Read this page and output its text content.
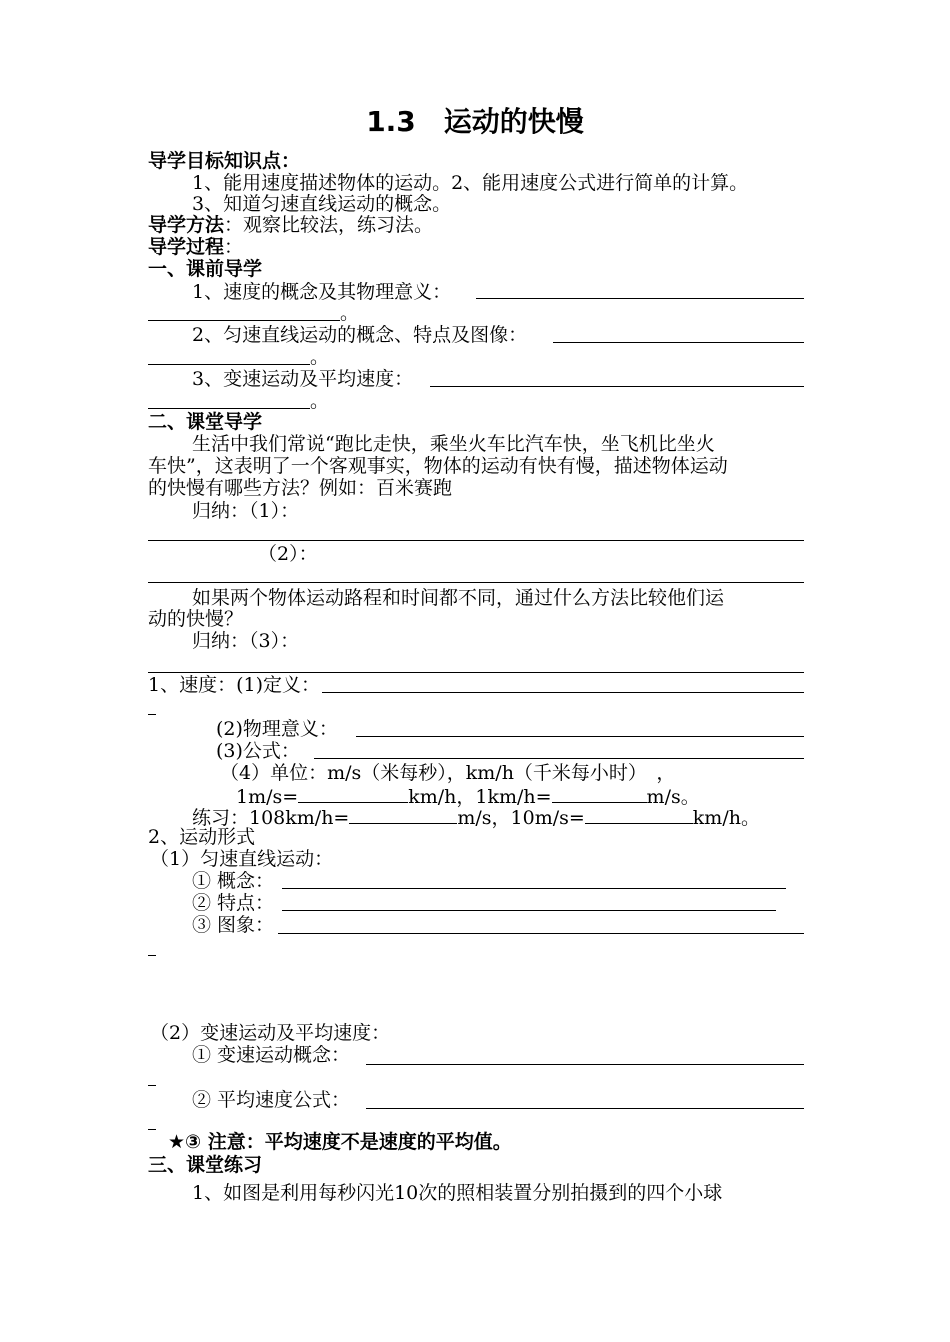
1.3　运动的快慢
导学目标知识点：
1、能用速度描述物体的运动。2、能用速度公式进行简单的计算。
3、知道匀速直线运动的概念。
导学方法：观察比较法，练习法。
导学过程：
一、课前导学
1、速度的概念及其物理意义：
。
2、匀速直线运动的概念、特点及图像：
。
3、变速运动及平均速度：
。
二、课堂导学
生活中我们常说“跑比走快，乘坐火车比汽车快，坐飞机比坐火
车快”，这表明了一个客观事实，物体的运动有快有慢，描述物体运动
的快慢有哪些方法？例如：百米赛跑
归纳：（1）：
（2）：
如果两个物体运动路程和时间都不同，通过什么方法比较他们运
动的快慢？
归纳：（3）：
1、速度：(1)定义：
(2)物理意义：
(3)公式：
（4）单位：m/s（米每秒），km/h（千米每小时）　，
1m/s=	km/h，1km/h=	m/s。
练习：108km/h=	m/s，10m/s=	km/h。
2、运动形式
（1）匀速直线运动：
① 概念：
② 特点：
③ 图象：
（2）变速运动及平均速度：
① 变速运动概念：
② 平均速度公式：
★③ 注意：平均速度不是速度的平均值。
三、课堂练习
1、如图是利用每秒闪光10次的照相装置分别拍摄到的四个小球
